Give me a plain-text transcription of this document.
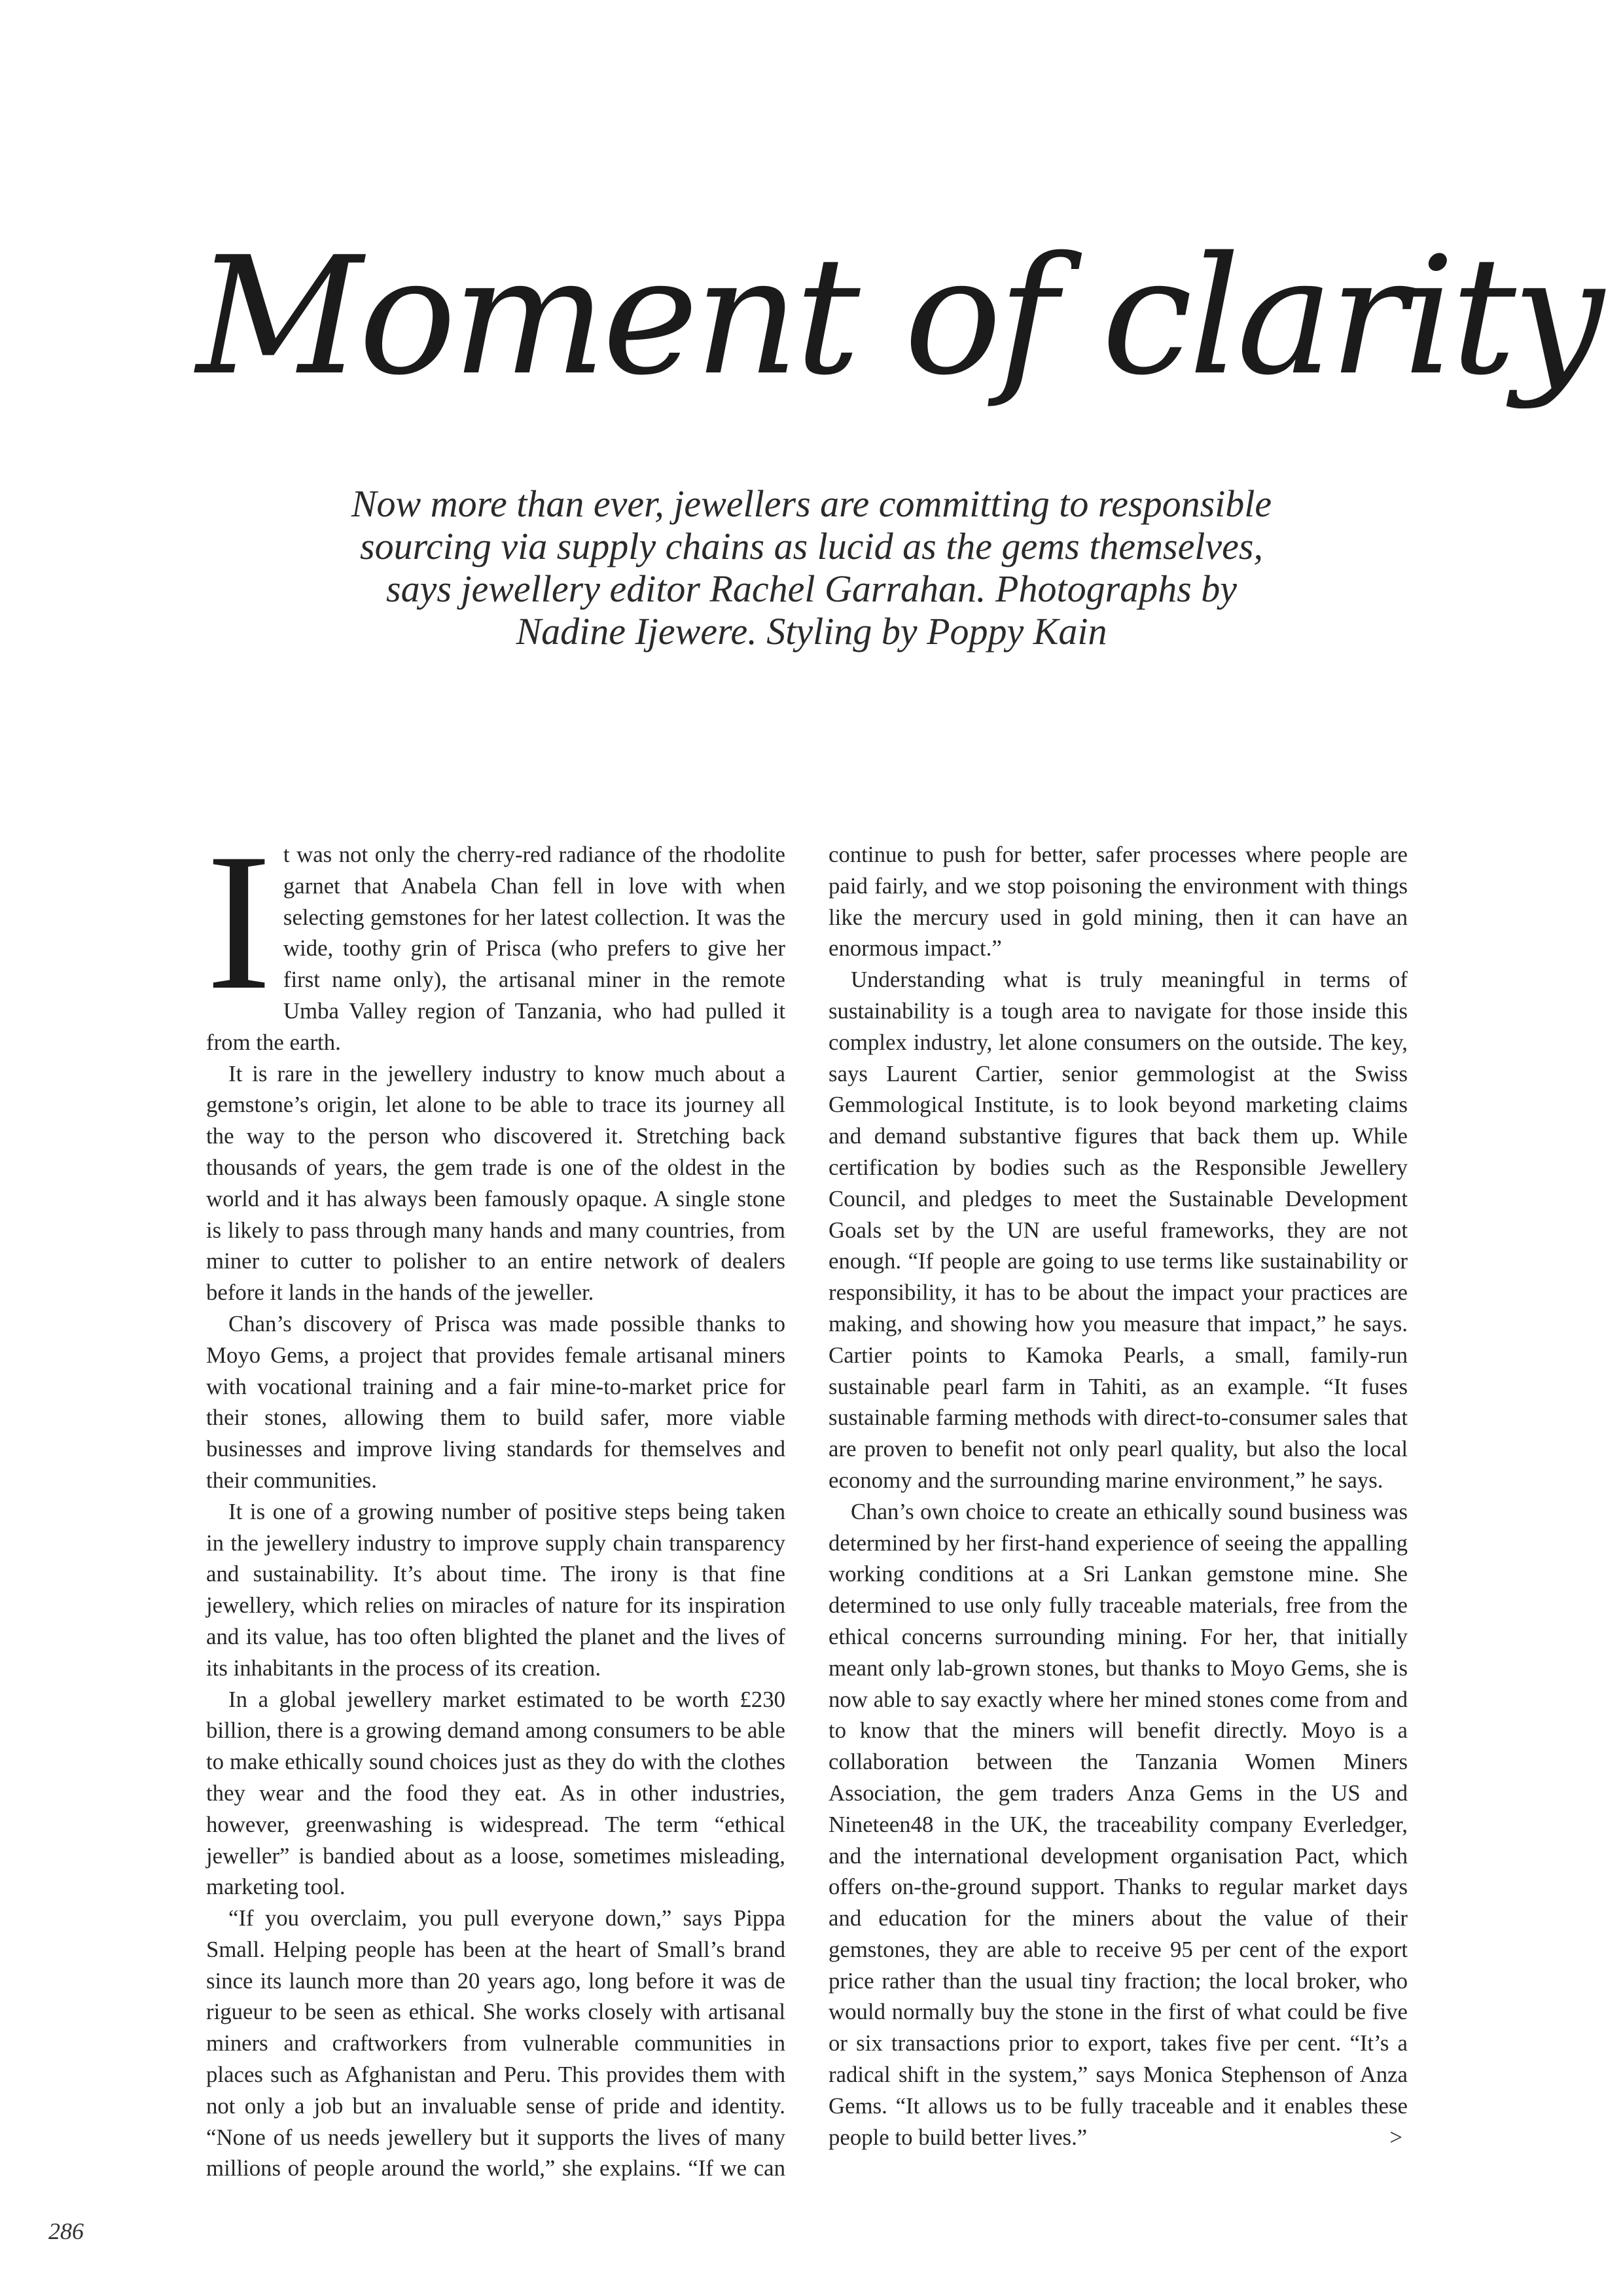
Moment of clarity

Now more than ever, jewellers are committing to responsible sourcing via supply chains as lucid as the gems themselves, says jewellery editor Rachel Garrahan. Photographs by Nadine Ijewere. Styling by Poppy Kain

It was not only the cherry-red radiance of the rhodolite garnet that Anabela Chan fell in love with when selecting gemstones for her latest collection. It was the wide, toothy grin of Prisca (who prefers to give her first name only), the artisanal miner in the remote Umba Valley region of Tanzania, who had pulled it from the earth.

It is rare in the jewellery industry to know much about a gemstone’s origin, let alone to be able to trace its journey all the way to the person who discovered it. Stretching back thousands of years, the gem trade is one of the oldest in the world and it has always been famously opaque. A single stone is likely to pass through many hands and many countries, from miner to cutter to polisher to an entire network of dealers before it lands in the hands of the jeweller.

Chan’s discovery of Prisca was made possible thanks to Moyo Gems, a project that provides female artisanal miners with vocational training and a fair mine-to-market price for their stones, allowing them to build safer, more viable businesses and improve living standards for themselves and their communities.

It is one of a growing number of positive steps being taken in the jewellery industry to improve supply chain transparency and sustainability. It’s about time. The irony is that fine jewellery, which relies on miracles of nature for its inspiration and its value, has too often blighted the planet and the lives of its inhabitants in the process of its creation.

In a global jewellery market estimated to be worth £230 billion, there is a growing demand among consumers to be able to make ethically sound choices just as they do with the clothes they wear and the food they eat. As in other industries, however, greenwashing is widespread. The term “ethical jeweller” is bandied about as a loose, sometimes misleading, marketing tool.

“If you overclaim, you pull everyone down,” says Pippa Small. Helping people has been at the heart of Small’s brand since its launch more than 20 years ago, long before it was de rigueur to be seen as ethical. She works closely with artisanal miners and craftworkers from vulnerable communities in places such as Afghanistan and Peru. This provides them with not only a job but an invaluable sense of pride and identity. “None of us needs jewellery but it supports the lives of many millions of people around the world,” she explains. “If we can continue to push for better, safer processes where people are paid fairly, and we stop poisoning the environment with things like the mercury used in gold mining, then it can have an enormous impact.”

Understanding what is truly meaningful in terms of sustainability is a tough area to navigate for those inside this complex industry, let alone consumers on the outside. The key, says Laurent Cartier, senior gemmologist at the Swiss Gemmological Institute, is to look beyond marketing claims and demand substantive figures that back them up. While certification by bodies such as the Responsible Jewellery Council, and pledges to meet the Sustainable Development Goals set by the UN are useful frameworks, they are not enough. “If people are going to use terms like sustainability or responsibility, it has to be about the impact your practices are making, and showing how you measure that impact,” he says. Cartier points to Kamoka Pearls, a small, family-run sustainable pearl farm in Tahiti, as an example. “It fuses sustainable farming methods with direct-to-consumer sales that are proven to benefit not only pearl quality, but also the local economy and the surrounding marine environment,” he says.

Chan’s own choice to create an ethically sound business was determined by her first-hand experience of seeing the appalling working conditions at a Sri Lankan gemstone mine. She determined to use only fully traceable materials, free from the ethical concerns surrounding mining. For her, that initially meant only lab-grown stones, but thanks to Moyo Gems, she is now able to say exactly where her mined stones come from and to know that the miners will benefit directly. Moyo is a collaboration between the Tanzania Women Miners Association, the gem traders Anza Gems in the US and Nineteen48 in the UK, the traceability company Everledger, and the international development organisation Pact, which offers on-the-ground support. Thanks to regular market days and education for the miners about the value of their gemstones, they are able to receive 95 per cent of the export price rather than the usual tiny fraction; the local broker, who would normally buy the stone in the first of what could be five or six transactions prior to export, takes five per cent. “It’s a radical shift in the system,” says Monica Stephenson of Anza Gems. “It allows us to be fully traceable and it enables these people to build better lives.”	>

286
